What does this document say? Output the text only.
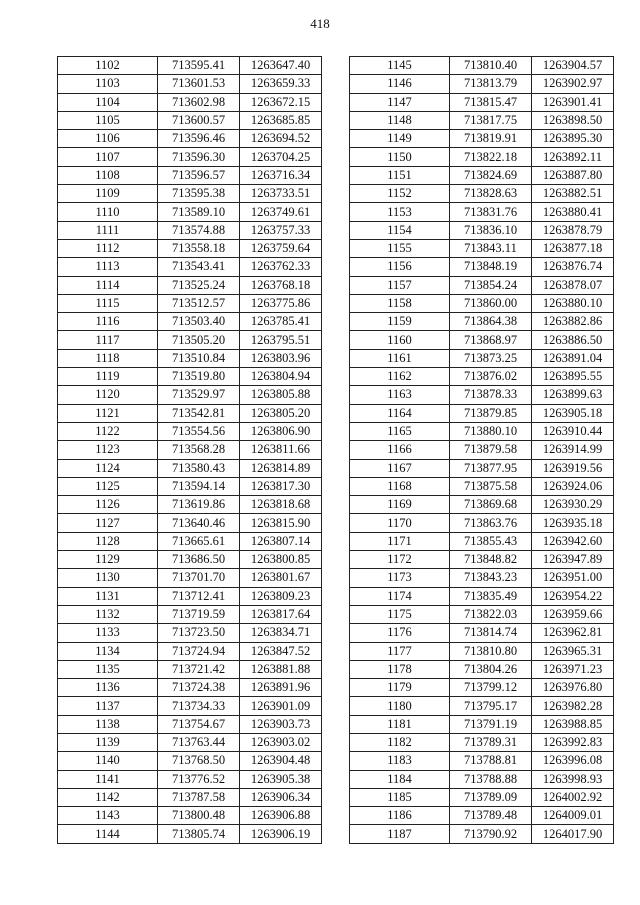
418
1102	713595.41	1263647.40
1103	713601.53	1263659.33
1104	713602.98	1263672.15
1105	713600.57	1263685.85
1106	713596.46	1263694.52
1107	713596.30	1263704.25
1108	713596.57	1263716.34
1109	713595.38	1263733.51
1110	713589.10	1263749.61
1111	713574.88	1263757.33
1112	713558.18	1263759.64
1113	713543.41	1263762.33
1114	713525.24	1263768.18
1115	713512.57	1263775.86
1116	713503.40	1263785.41
1117	713505.20	1263795.51
1118	713510.84	1263803.96
1119	713519.80	1263804.94
1120	713529.97	1263805.88
1121	713542.81	1263805.20
1122	713554.56	1263806.90
1123	713568.28	1263811.66
1124	713580.43	1263814.89
1125	713594.14	1263817.30
1126	713619.86	1263818.68
1127	713640.46	1263815.90
1128	713665.61	1263807.14
1129	713686.50	1263800.85
1130	713701.70	1263801.67
1131	713712.41	1263809.23
1132	713719.59	1263817.64
1133	713723.50	1263834.71
1134	713724.94	1263847.52
1135	713721.42	1263881.88
1136	713724.38	1263891.96
1137	713734.33	1263901.09
1138	713754.67	1263903.73
1139	713763.44	1263903.02
1140	713768.50	1263904.48
1141	713776.52	1263905.38
1142	713787.58	1263906.34
1143	713800.48	1263906.88
1144	713805.74	1263906.19
1145	713810.40	1263904.57
1146	713813.79	1263902.97
1147	713815.47	1263901.41
1148	713817.75	1263898.50
1149	713819.91	1263895.30
1150	713822.18	1263892.11
1151	713824.69	1263887.80
1152	713828.63	1263882.51
1153	713831.76	1263880.41
1154	713836.10	1263878.79
1155	713843.11	1263877.18
1156	713848.19	1263876.74
1157	713854.24	1263878.07
1158	713860.00	1263880.10
1159	713864.38	1263882.86
1160	713868.97	1263886.50
1161	713873.25	1263891.04
1162	713876.02	1263895.55
1163	713878.33	1263899.63
1164	713879.85	1263905.18
1165	713880.10	1263910.44
1166	713879.58	1263914.99
1167	713877.95	1263919.56
1168	713875.58	1263924.06
1169	713869.68	1263930.29
1170	713863.76	1263935.18
1171	713855.43	1263942.60
1172	713848.82	1263947.89
1173	713843.23	1263951.00
1174	713835.49	1263954.22
1175	713822.03	1263959.66
1176	713814.74	1263962.81
1177	713810.80	1263965.31
1178	713804.26	1263971.23
1179	713799.12	1263976.80
1180	713795.17	1263982.28
1181	713791.19	1263988.85
1182	713789.31	1263992.83
1183	713788.81	1263996.08
1184	713788.88	1263998.93
1185	713789.09	1264002.92
1186	713789.48	1264009.01
1187	713790.92	1264017.90
